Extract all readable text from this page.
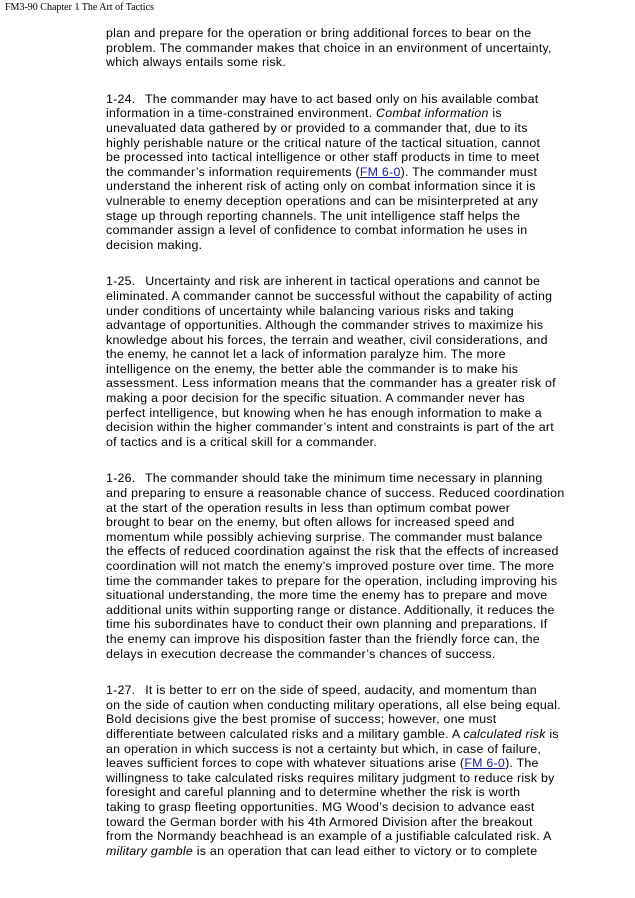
FM3-90 Chapter 1 The Art of Tactics
plan and prepare for the operation or bring additional forces to bear on the
problem. The commander makes that choice in an environment of uncertainty,
which always entails some risk.
1-24. The commander may have to act based only on his available combat
information in a time-constrained environment. Combat information is
unevaluated data gathered by or provided to a commander that, due to its
highly perishable nature or the critical nature of the tactical situation, cannot
be processed into tactical intelligence or other staff products in time to meet
the commander’s information requirements (FM 6-0). The commander must
understand the inherent risk of acting only on combat information since it is
vulnerable to enemy deception operations and can be misinterpreted at any
stage up through reporting channels. The unit intelligence staff helps the
commander assign a level of confidence to combat information he uses in
decision making.
1-25. Uncertainty and risk are inherent in tactical operations and cannot be
eliminated. A commander cannot be successful without the capability of acting
under conditions of uncertainty while balancing various risks and taking
advantage of opportunities. Although the commander strives to maximize his
knowledge about his forces, the terrain and weather, civil considerations, and
the enemy, he cannot let a lack of information paralyze him. The more
intelligence on the enemy, the better able the commander is to make his
assessment. Less information means that the commander has a greater risk of
making a poor decision for the specific situation. A commander never has
perfect intelligence, but knowing when he has enough information to make a
decision within the higher commander’s intent and constraints is part of the art
of tactics and is a critical skill for a commander.
1-26. The commander should take the minimum time necessary in planning
and preparing to ensure a reasonable chance of success. Reduced coordination
at the start of the operation results in less than optimum combat power
brought to bear on the enemy, but often allows for increased speed and
momentum while possibly achieving surprise. The commander must balance
the effects of reduced coordination against the risk that the effects of increased
coordination will not match the enemy’s improved posture over time. The more
time the commander takes to prepare for the operation, including improving his
situational understanding, the more time the enemy has to prepare and move
additional units within supporting range or distance. Additionally, it reduces the
time his subordinates have to conduct their own planning and preparations. If
the enemy can improve his disposition faster than the friendly force can, the
delays in execution decrease the commander’s chances of success.
1-27. It is better to err on the side of speed, audacity, and momentum than
on the side of caution when conducting military operations, all else being equal.
Bold decisions give the best promise of success; however, one must
differentiate between calculated risks and a military gamble. A calculated risk is
an operation in which success is not a certainty but which, in case of failure,
leaves sufficient forces to cope with whatever situations arise (FM 6-0). The
willingness to take calculated risks requires military judgment to reduce risk by
foresight and careful planning and to determine whether the risk is worth
taking to grasp fleeting opportunities. MG Wood’s decision to advance east
toward the German border with his 4th Armored Division after the breakout
from the Normandy beachhead is an example of a justifiable calculated risk. A
military gamble is an operation that can lead either to victory or to complete
